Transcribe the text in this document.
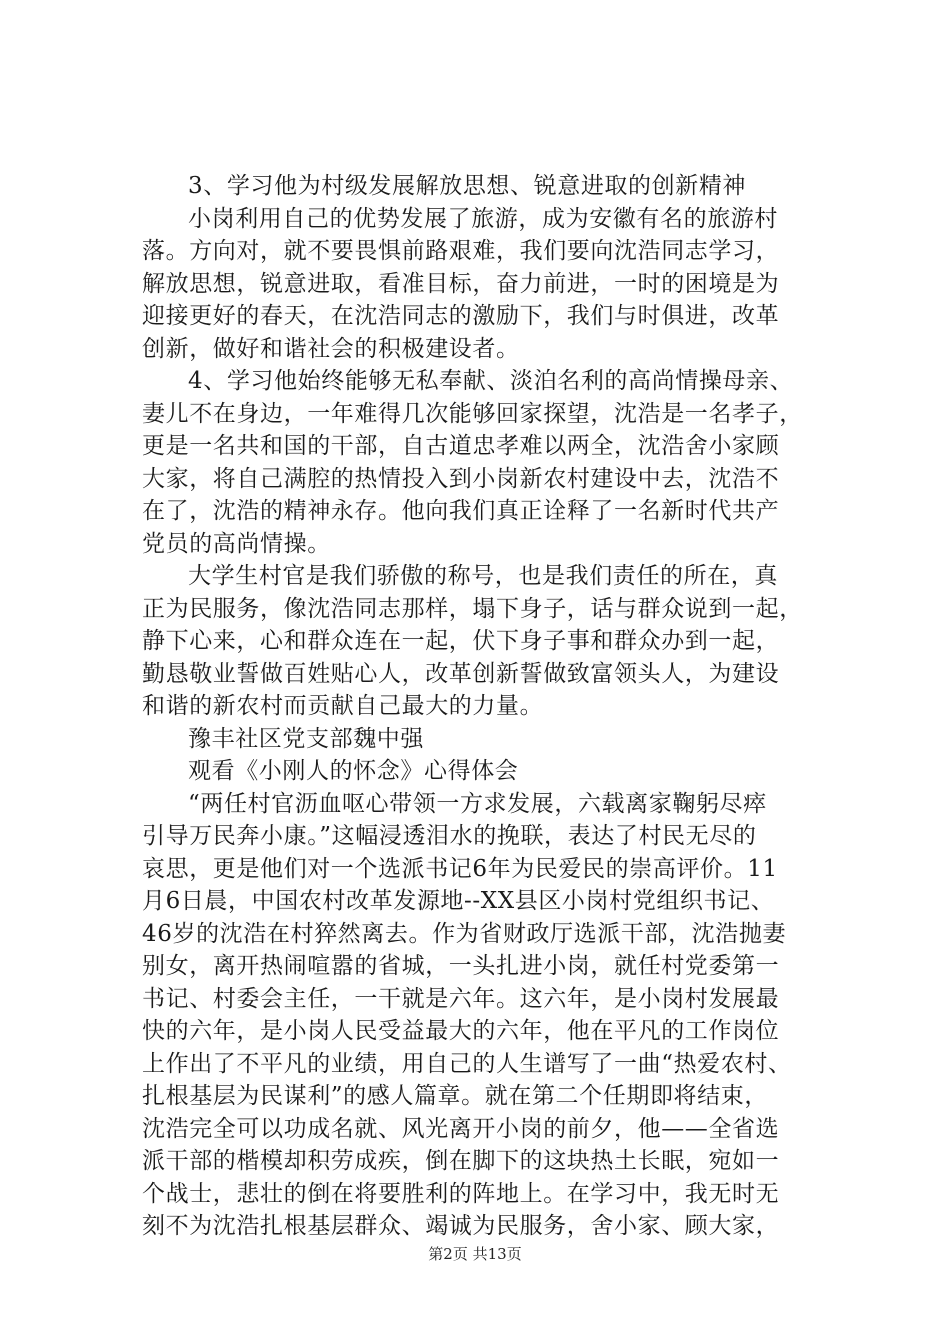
3、学习他为村级发展解放思想、锐意进取的创新精神
小岗利用自己的优势发展了旅游，成为安徽有名的旅游村
落。方向对，就不要畏惧前路艰难，我们要向沈浩同志学习，
解放思想，锐意进取，看准目标，奋力前进，一时的困境是为
迎接更好的春天，在沈浩同志的激励下，我们与时俱进，改革
创新，做好和谐社会的积极建设者。
4、学习他始终能够无私奉献、淡泊名利的高尚情操母亲、
妻儿不在身边，一年难得几次能够回家探望，沈浩是一名孝子，
更是一名共和国的干部，自古道忠孝难以两全，沈浩舍小家顾
大家，将自己满腔的热情投入到小岗新农村建设中去，沈浩不
在了，沈浩的精神永存。他向我们真正诠释了一名新时代共产
党员的高尚情操。
大学生村官是我们骄傲的称号，也是我们责任的所在，真
正为民服务，像沈浩同志那样，塌下身子，话与群众说到一起，
静下心来，心和群众连在一起，伏下身子事和群众办到一起，
勤恳敬业誓做百姓贴心人，改革创新誓做致富领头人，为建设
和谐的新农村而贡献自己最大的力量。
豫丰社区党支部魏中强
观看《小刚人的怀念》心得体会
“两任村官沥血呕心带领一方求发展，六载离家鞠躬尽瘁
引导万民奔小康。”这幅浸透泪水的挽联，表达了村民无尽的
哀思，更是他们对一个选派书记6年为民爱民的崇高评价。11
月6日晨，中国农村改革发源地--XX县区小岗村党组织书记、
46岁的沈浩在村猝然离去。作为省财政厅选派干部，沈浩抛妻
别女，离开热闹喧嚣的省城，一头扎进小岗，就任村党委第一
书记、村委会主任，一干就是六年。这六年，是小岗村发展最
快的六年，是小岗人民受益最大的六年，他在平凡的工作岗位
上作出了不平凡的业绩，用自己的人生谱写了一曲“热爱农村、
扎根基层为民谋利”的感人篇章。就在第二个任期即将结束，
沈浩完全可以功成名就、风光离开小岗的前夕，他——全省选
派干部的楷模却积劳成疾，倒在脚下的这块热土长眠，宛如一
个战士，悲壮的倒在将要胜利的阵地上。在学习中，我无时无
刻不为沈浩扎根基层群众、竭诚为民服务，舍小家、顾大家，
第2页 共13页
